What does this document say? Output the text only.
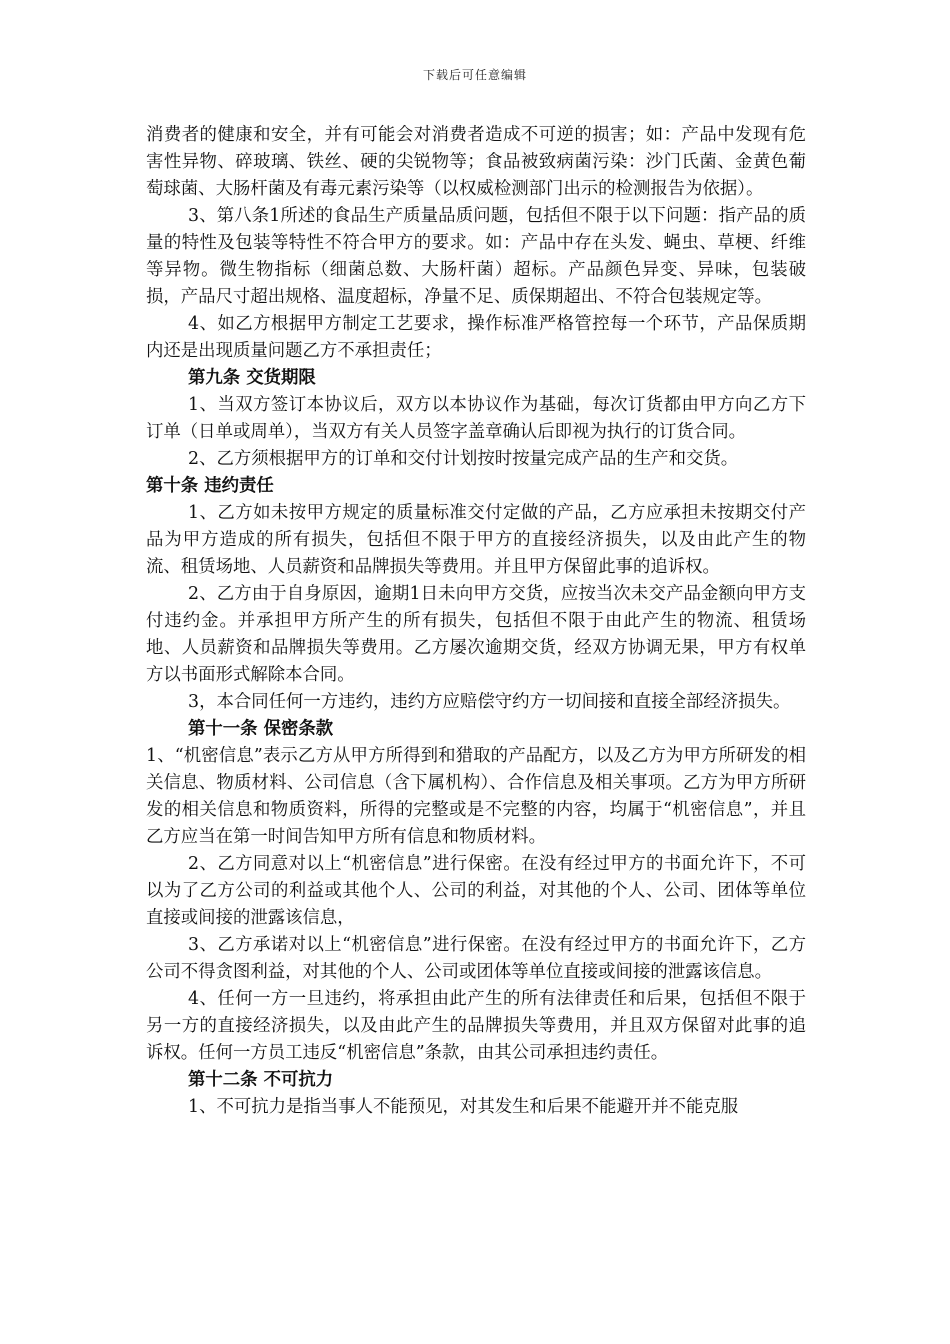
下载后可任意编辑

消费者的健康和安全，并有可能会对消费者造成不可逆的损害；如：产品中发现有危害性异物、碎玻璃、铁丝、硬的尖锐物等；食品被致病菌污染：沙门氏菌、金黄色葡萄球菌、大肠杆菌及有毒元素污染等（以权威检测部门出示的检测报告为依据）。

3、第八条1所述的食品生产质量品质问题，包括但不限于以下问题：指产品的质量的特性及包装等特性不符合甲方的要求。如：产品中存在头发、蝇虫、草梗、纤维等异物。微生物指标（细菌总数、大肠杆菌）超标。产品颜色异变、异味，包装破损，产品尺寸超出规格、温度超标，净量不足、质保期超出、不符合包装规定等。

4、如乙方根据甲方制定工艺要求，操作标准严格管控每一个环节，产品保质期内还是出现质量问题乙方不承担责任；

第九条 交货期限

1、当双方签订本协议后，双方以本协议作为基础，每次订货都由甲方向乙方下订单（日单或周单），当双方有关人员签字盖章确认后即视为执行的订货合同。

2、乙方须根据甲方的订单和交付计划按时按量完成产品的生产和交货。

第十条 违约责任

1、乙方如未按甲方规定的质量标准交付定做的产品，乙方应承担未按期交付产品为甲方造成的所有损失，包括但不限于甲方的直接经济损失，以及由此产生的物流、租赁场地、人员薪资和品牌损失等费用。并且甲方保留此事的追诉权。

2、乙方由于自身原因，逾期1日未向甲方交货，应按当次未交产品金额向甲方支付违约金。并承担甲方所产生的所有损失，包括但不限于由此产生的物流、租赁场地、人员薪资和品牌损失等费用。乙方屡次逾期交货，经双方协调无果，甲方有权单方以书面形式解除本合同。

3，本合同任何一方违约，违约方应赔偿守约方一切间接和直接全部经济损失。

第十一条 保密条款

1、“机密信息”表示乙方从甲方所得到和猎取的产品配方，以及乙方为甲方所研发的相关信息、物质材料、公司信息（含下属机构）、合作信息及相关事项。乙方为甲方所研发的相关信息和物质资料，所得的完整或是不完整的内容，均属于“机密信息”，并且乙方应当在第一时间告知甲方所有信息和物质材料。

2、乙方同意对以上“机密信息”进行保密。在没有经过甲方的书面允许下，不可以为了乙方公司的利益或其他个人、公司的利益，对其他的个人、公司、团体等单位直接或间接的泄露该信息，

3、乙方承诺对以上“机密信息”进行保密。在没有经过甲方的书面允许下，乙方公司不得贪图利益，对其他的个人、公司或团体等单位直接或间接的泄露该信息。

4、任何一方一旦违约，将承担由此产生的所有法律责任和后果，包括但不限于另一方的直接经济损失，以及由此产生的品牌损失等费用，并且双方保留对此事的追诉权。任何一方员工违反“机密信息”条款，由其公司承担违约责任。

第十二条 不可抗力

1、不可抗力是指当事人不能预见，对其发生和后果不能避开并不能克服
